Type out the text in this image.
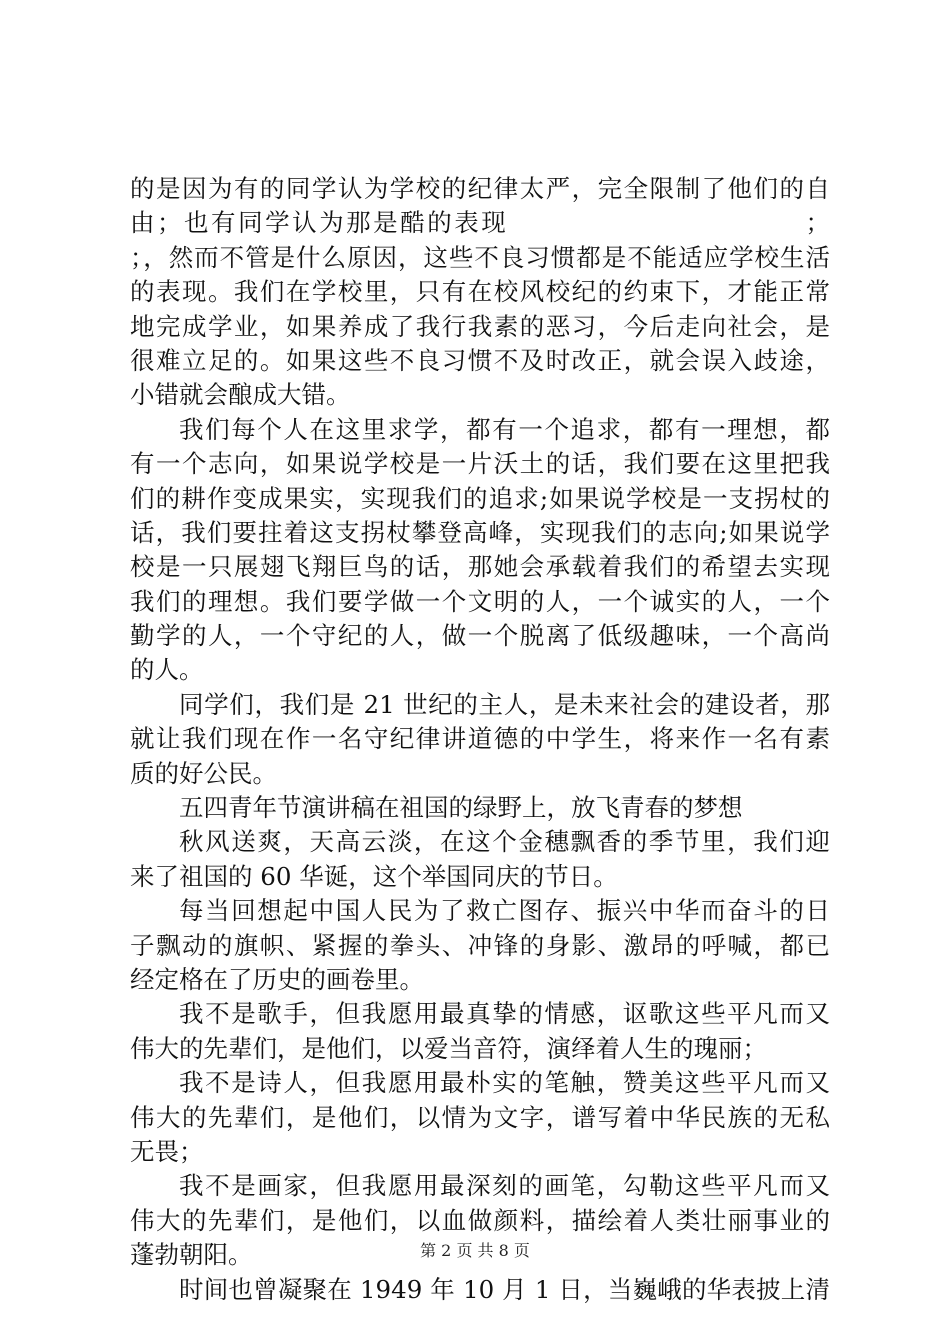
的是因为有的同学认为学校的纪律太严，完全限制了他们的自
由；也有同学认为那是酷的表现　　　　　　　　　　　；
；，然而不管是什么原因，这些不良习惯都是不能适应学校生活
的表现。我们在学校里，只有在校风校纪的约束下，才能正常
地完成学业，如果养成了我行我素的恶习，今后走向社会，是
很难立足的。如果这些不良习惯不及时改正，就会误入歧途，
小错就会酿成大错。
我们每个人在这里求学，都有一个追求，都有一理想，都
有一个志向，如果说学校是一片沃土的话，我们要在这里把我
们的耕作变成果实，实现我们的追求;如果说学校是一支拐杖的
话，我们要拄着这支拐杖攀登高峰，实现我们的志向;如果说学
校是一只展翅飞翔巨鸟的话，那她会承载着我们的希望去实现
我们的理想。我们要学做一个文明的人，一个诚实的人，一个
勤学的人，一个守纪的人，做一个脱离了低级趣味，一个高尚
的人。
同学们，我们是 21 世纪的主人，是未来社会的建设者，那
就让我们现在作一名守纪律讲道德的中学生，将来作一名有素
质的好公民。
五四青年节演讲稿在祖国的绿野上，放飞青春的梦想
秋风送爽，天高云淡，在这个金穗飘香的季节里，我们迎
来了祖国的 60 华诞，这个举国同庆的节日。
每当回想起中国人民为了救亡图存、振兴中华而奋斗的日
子飘动的旗帜、紧握的拳头、冲锋的身影、激昂的呼喊，都已
经定格在了历史的画卷里。
我不是歌手，但我愿用最真挚的情感，讴歌这些平凡而又
伟大的先辈们，是他们，以爱当音符，演绎着人生的瑰丽；
我不是诗人，但我愿用最朴实的笔触，赞美这些平凡而又
伟大的先辈们，是他们，以情为文字，谱写着中华民族的无私
无畏；
我不是画家，但我愿用最深刻的画笔，勾勒这些平凡而又
伟大的先辈们，是他们，以血做颜料，描绘着人类壮丽事业的
蓬勃朝阳。
时间也曾凝聚在 1949 年 10 月 1 日，当巍峨的华表披上清
第 2 页 共 8 页
